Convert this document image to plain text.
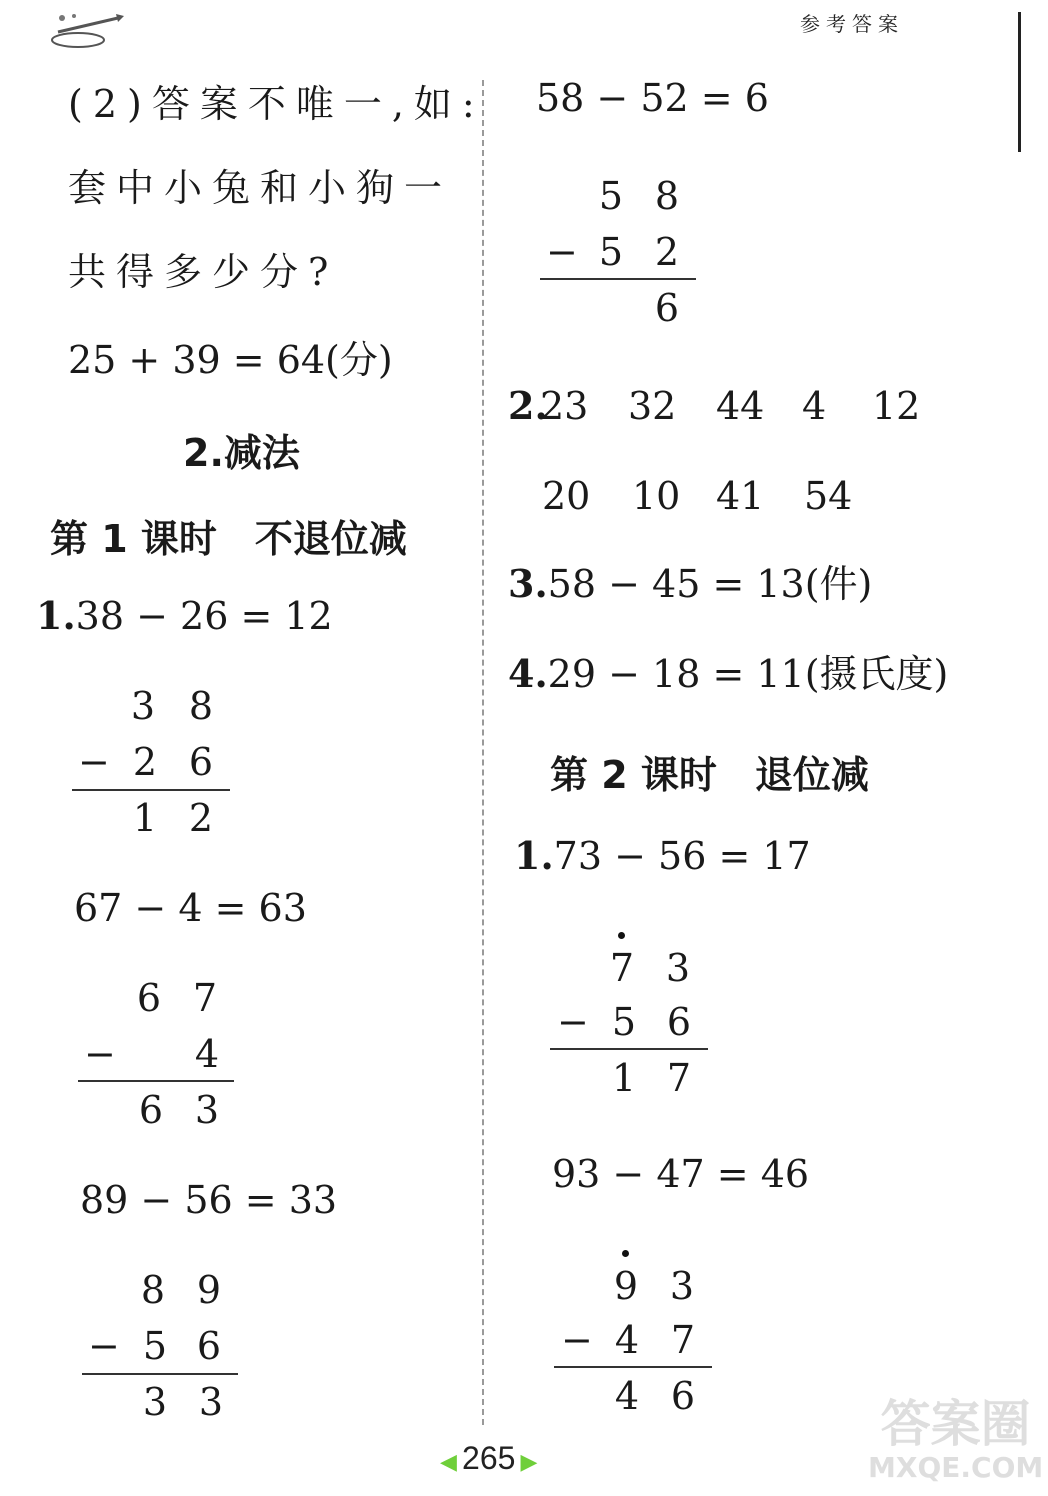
参考答案
(2)答案不唯一,如:
套中小兔和小狗一
共得多少分?
25 + 39 = 64(分)
2.减法
第 1 课时　不退位减
1.38 − 26 = 12
3 8
− 2 6
1 2
67 − 4 = 63
6 7
− 4
6 3
89 − 56 = 33
8 9
− 5 6
3 3
58 − 52 = 6
5 8
− 5 2
6
2.
23 32 44 4 12
20 10 41 54
3.58 − 45 = 13(件)
4.29 − 18 = 11(摄氏度)
第 2 课时　退位减
1.73 − 56 = 17
7 3
− 5 6
1 7
93 − 47 = 46
9 3
− 4 7
4 6
◀ 265 ▶
答案圈
MXQE.COM
